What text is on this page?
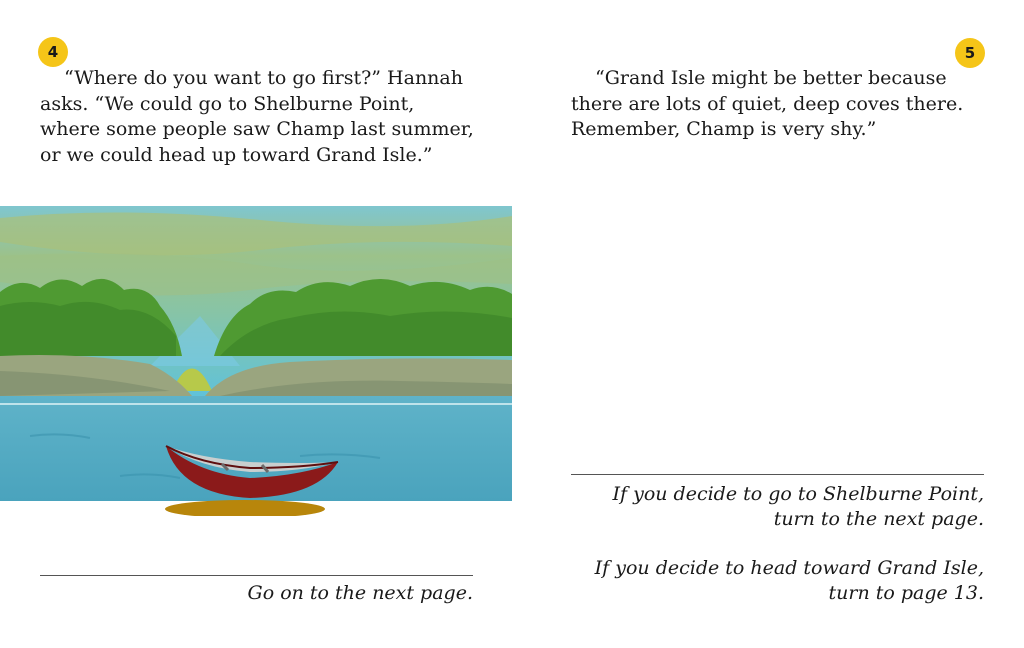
4	5

“Where do you want to go first?” Hannah
asks. “We could go to Shelburne Point,
where some people saw Champ last summer,
or we could head up toward Grand Isle.”

“Grand Isle might be better because
there are lots of quiet, deep coves there.
Remember, Champ is very shy.”

Go on to the next page.

If you decide to go to Shelburne Point,
turn to the next page.

If you decide to head toward Grand Isle,
turn to page 13.
